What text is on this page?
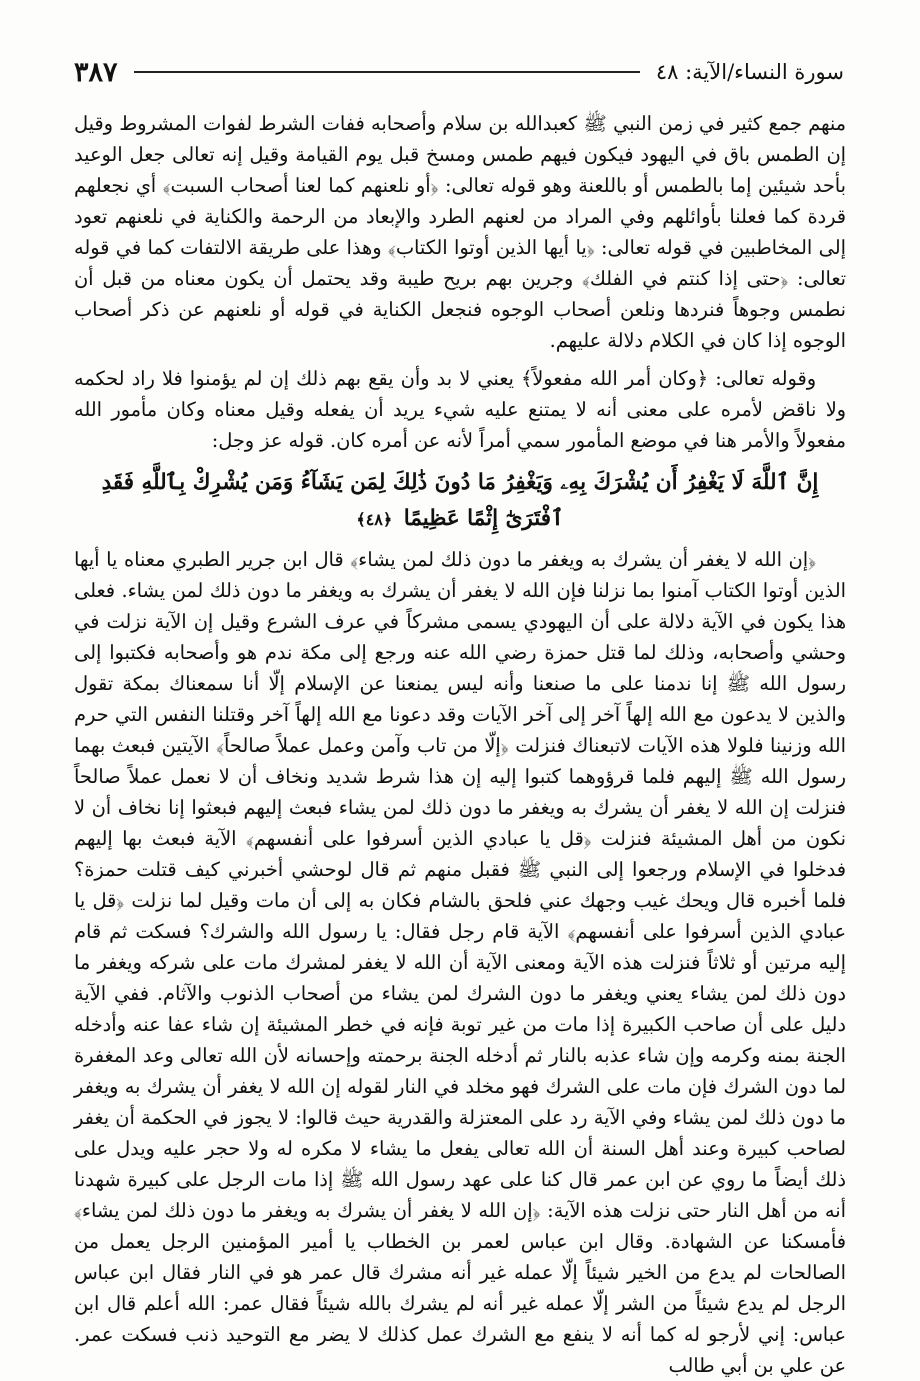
سورة النساء/الآية: ٤٨
٣٨٧

منهم جمع كثير في زمن النبي ﷺ كعبدالله بن سلام وأصحابه ففات الشرط لفوات المشروط وقيل إن الطمس باق في اليهود فيكون فيهم طمس ومسخ قبل يوم القيامة وقيل إنه تعالى جعل الوعيد بأحد شيئين إما بالطمس أو باللعنة وهو قوله تعالى: ﴿أو نلعنهم كما لعنا أصحاب السبت﴾ أي نجعلهم قردة كما فعلنا بأوائلهم وفي المراد من لعنهم الطرد والإبعاد من الرحمة والكناية في نلعنهم تعود إلى المخاطبين في قوله تعالى: ﴿يا أيها الذين أوتوا الكتاب﴾ وهذا على طريقة الالتفات كما في قوله تعالى: ﴿حتى إذا كنتم في الفلك﴾ وجرين بهم بريح طيبة وقد يحتمل أن يكون معناه من قبل أن نطمس وجوهاً فنردها ونلعن أصحاب الوجوه فنجعل الكناية في قوله أو نلعنهم عن ذكر أصحاب الوجوه إذا كان في الكلام دلالة عليهم.

وقوله تعالى: ﴿وكان أمر الله مفعولاً﴾ يعني لا بد وأن يقع بهم ذلك إن لم يؤمنوا فلا راد لحكمه ولا ناقض لأمره على معنى أنه لا يمتنع عليه شيء يريد أن يفعله وقيل معناه وكان مأمور الله مفعولاً والأمر هنا في موضع المأمور سمي أمراً لأنه عن أمره كان. قوله عز وجل:

إِنَّ ٱللَّهَ لَا يَغْفِرُ أَن يُشْرَكَ بِهِۦ وَيَغْفِرُ مَا دُونَ ذَٰلِكَ لِمَن يَشَآءُ وَمَن يُشْرِكْ بِٱللَّهِ فَقَدِ ٱفْتَرَىٰٓ إِثْمًا عَظِيمًا ﴿٤٨﴾

﴿إن الله لا يغفر أن يشرك به ويغفر ما دون ذلك لمن يشاء﴾ قال ابن جرير الطبري معناه يا أيها الذين أوتوا الكتاب آمنوا بما نزلنا فإن الله لا يغفر أن يشرك به ويغفر ما دون ذلك لمن يشاء. فعلى هذا يكون في الآية دلالة على أن اليهودي يسمى مشركاً في عرف الشرع وقيل إن الآية نزلت في وحشي وأصحابه، وذلك لما قتل حمزة رضي الله عنه ورجع إلى مكة ندم هو وأصحابه فكتبوا إلى رسول الله ﷺ إنا ندمنا على ما صنعنا وأنه ليس يمنعنا عن الإسلام إلّا أنا سمعناك بمكة تقول والذين لا يدعون مع الله إلهاً آخر إلى آخر الآيات وقد دعونا مع الله إلهاً آخر وقتلنا النفس التي حرم الله وزنينا فلولا هذه الآيات لاتبعناك فنزلت ﴿إلّا من تاب وآمن وعمل عملاً صالحاً﴾ الآيتين فبعث بهما رسول الله ﷺ إليهم فلما قرؤوهما كتبوا إليه إن هذا شرط شديد ونخاف أن لا نعمل عملاً صالحاً فنزلت إن الله لا يغفر أن يشرك به ويغفر ما دون ذلك لمن يشاء فبعث إليهم فبعثوا إنا نخاف أن لا نكون من أهل المشيئة فنزلت ﴿قل يا عبادي الذين أسرفوا على أنفسهم﴾ الآية فبعث بها إليهم فدخلوا في الإسلام ورجعوا إلى النبي ﷺ فقبل منهم ثم قال لوحشي أخبرني كيف قتلت حمزة؟ فلما أخبره قال ويحك غيب وجهك عني فلحق بالشام فكان به إلى أن مات وقيل لما نزلت ﴿قل يا عبادي الذين أسرفوا على أنفسهم﴾ الآية قام رجل فقال: يا رسول الله والشرك؟ فسكت ثم قام إليه مرتين أو ثلاثاً فنزلت هذه الآية ومعنى الآية أن الله لا يغفر لمشرك مات على شركه ويغفر ما دون ذلك لمن يشاء يعني ويغفر ما دون الشرك لمن يشاء من أصحاب الذنوب والآثام. ففي الآية دليل على أن صاحب الكبيرة إذا مات من غير توبة فإنه في خطر المشيئة إن شاء عفا عنه وأدخله الجنة بمنه وكرمه وإن شاء عذبه بالنار ثم أدخله الجنة برحمته وإحسانه لأن الله تعالى وعد المغفرة لما دون الشرك فإن مات على الشرك فهو مخلد في النار لقوله إن الله لا يغفر أن يشرك به ويغفر ما دون ذلك لمن يشاء وفي الآية رد على المعتزلة والقدرية حيث قالوا: لا يجوز في الحكمة أن يغفر لصاحب كبيرة وعند أهل السنة أن الله تعالى يفعل ما يشاء لا مكره له ولا حجر عليه ويدل على ذلك أيضاً ما روي عن ابن عمر قال كنا على عهد رسول الله ﷺ إذا مات الرجل على كبيرة شهدنا أنه من أهل النار حتى نزلت هذه الآية: ﴿إن الله لا يغفر أن يشرك به ويغفر ما دون ذلك لمن يشاء﴾ فأمسكنا عن الشهادة. وقال ابن عباس لعمر بن الخطاب يا أمير المؤمنين الرجل يعمل من الصالحات لم يدع من الخير شيئاً إلّا عمله غير أنه مشرك قال عمر هو في النار فقال ابن عباس الرجل لم يدع شيئاً من الشر إلّا عمله غير أنه لم يشرك بالله شيئاً فقال عمر: الله أعلم قال ابن عباس: إني لأرجو له كما أنه لا ينفع مع الشرك عمل كذلك لا يضر مع التوحيد ذنب فسكت عمر. عن علي بن أبي طالب
